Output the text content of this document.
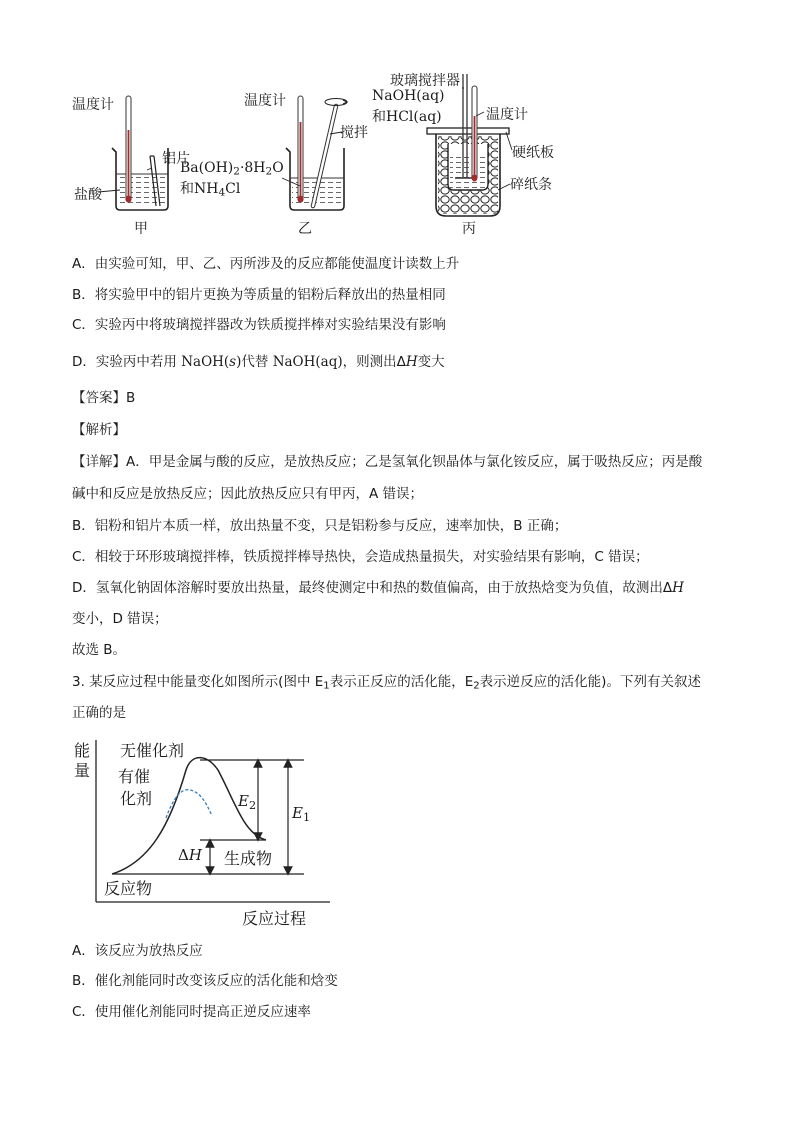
温度计
铝片
盐酸
甲
温度计
搅拌
$Ba(OH)_2\cdot 8H_2O$
和$NH_4Cl$
乙
玻璃搅拌器
NaOH(aq)
和HCl(aq)	温度计
硬纸板
碎纸条
丙
A．由实验可知，甲、乙、丙所涉及的反应都能使温度计读数上升
B．将实验甲中的铝片更换为等质量的铝粉后释放出的热量相同
C．实验丙中将玻璃搅拌器改为铁质搅拌棒对实验结果没有影响
D．实验丙中若用 NaOH(s)代替 NaOH(aq)，则测出ΔH变大
【答案】B
【解析】
【详解】A．甲是金属与酸的反应，是放热反应；乙是氢氧化钡晶体与氯化铵反应，属于吸热反应；丙是酸
碱中和反应是放热反应；因此放热反应只有甲丙，A 错误；
B．铝粉和铝片本质一样，放出热量不变，只是铝粉参与反应，速率加快，B 正确；
C．相较于环形玻璃搅拌棒，铁质搅拌棒导热快，会造成热量损失，对实验结果有影响，C 错误；
D．氢氧化钠固体溶解时要放出热量，最终使测定中和热的数值偏高，由于放热焓变为负值，故测出ΔH
变小，D 错误；
故选 B。
3. 某反应过程中能量变化如图所示(图中 $E_1$表示正反应的活化能，$E_2$表示逆反应的活化能)。下列有关叙述
正确的是
能
量
无催化剂
有催
化剂	$E_2$ $E_1$
ΔH 生成物
反应物
反应过程
A．该反应为放热反应
B．催化剂能同时改变该反应的活化能和焓变
C．使用催化剂能同时提高正逆反应速率
